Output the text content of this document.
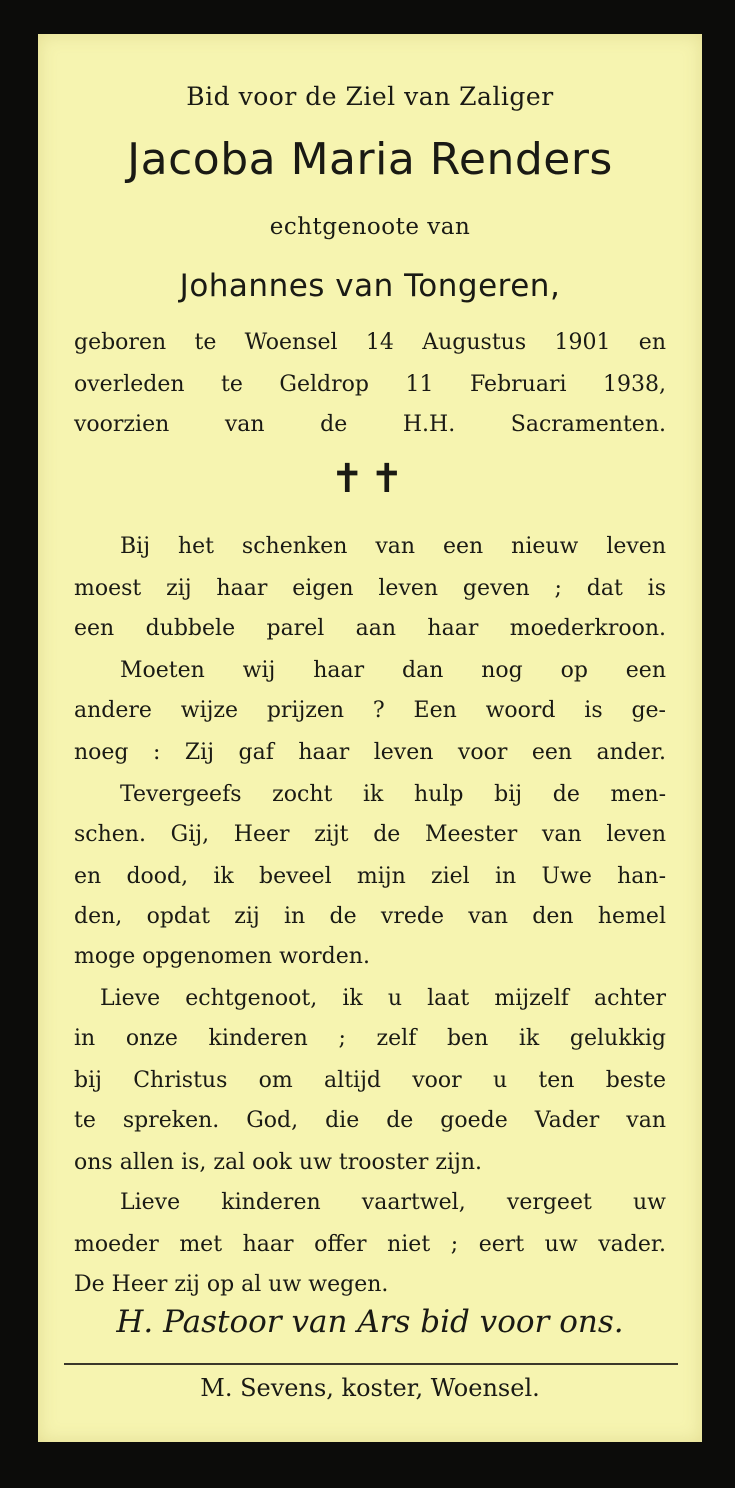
Bid voor de Ziel van Zaliger
Jacoba Maria Renders
echtgenoote van
Johannes van Tongeren,
geboren te Woensel 14 Augustus 1901 en
overleden te Geldrop 11 Februari 1938,
voorzien van de H.H. Sacramenten.
✝✝
Bij het schenken van een nieuw leven
moest zij haar eigen leven geven ; dat is
een dubbele parel aan haar moederkroon.
Moeten wij haar dan nog op een
andere wijze prijzen ? Een woord is ge-
noeg : Zij gaf haar leven voor een ander.
Tevergeefs zocht ik hulp bij de men-
schen. Gij, Heer zijt de Meester van leven
en dood, ik beveel mijn ziel in Uwe han-
den, opdat zij in de vrede van den hemel
moge opgenomen worden.
Lieve echtgenoot, ik u laat mijzelf achter
in onze kinderen ; zelf ben ik gelukkig
bij Christus om altijd voor u ten beste
te spreken. God, die de goede Vader van
ons allen is, zal ook uw trooster zijn.
Lieve kinderen vaartwel, vergeet uw
moeder met haar offer niet ; eert uw vader.
De Heer zij op al uw wegen.
H. Pastoor van Ars bid voor ons.
M. Sevens, koster, Woensel.
